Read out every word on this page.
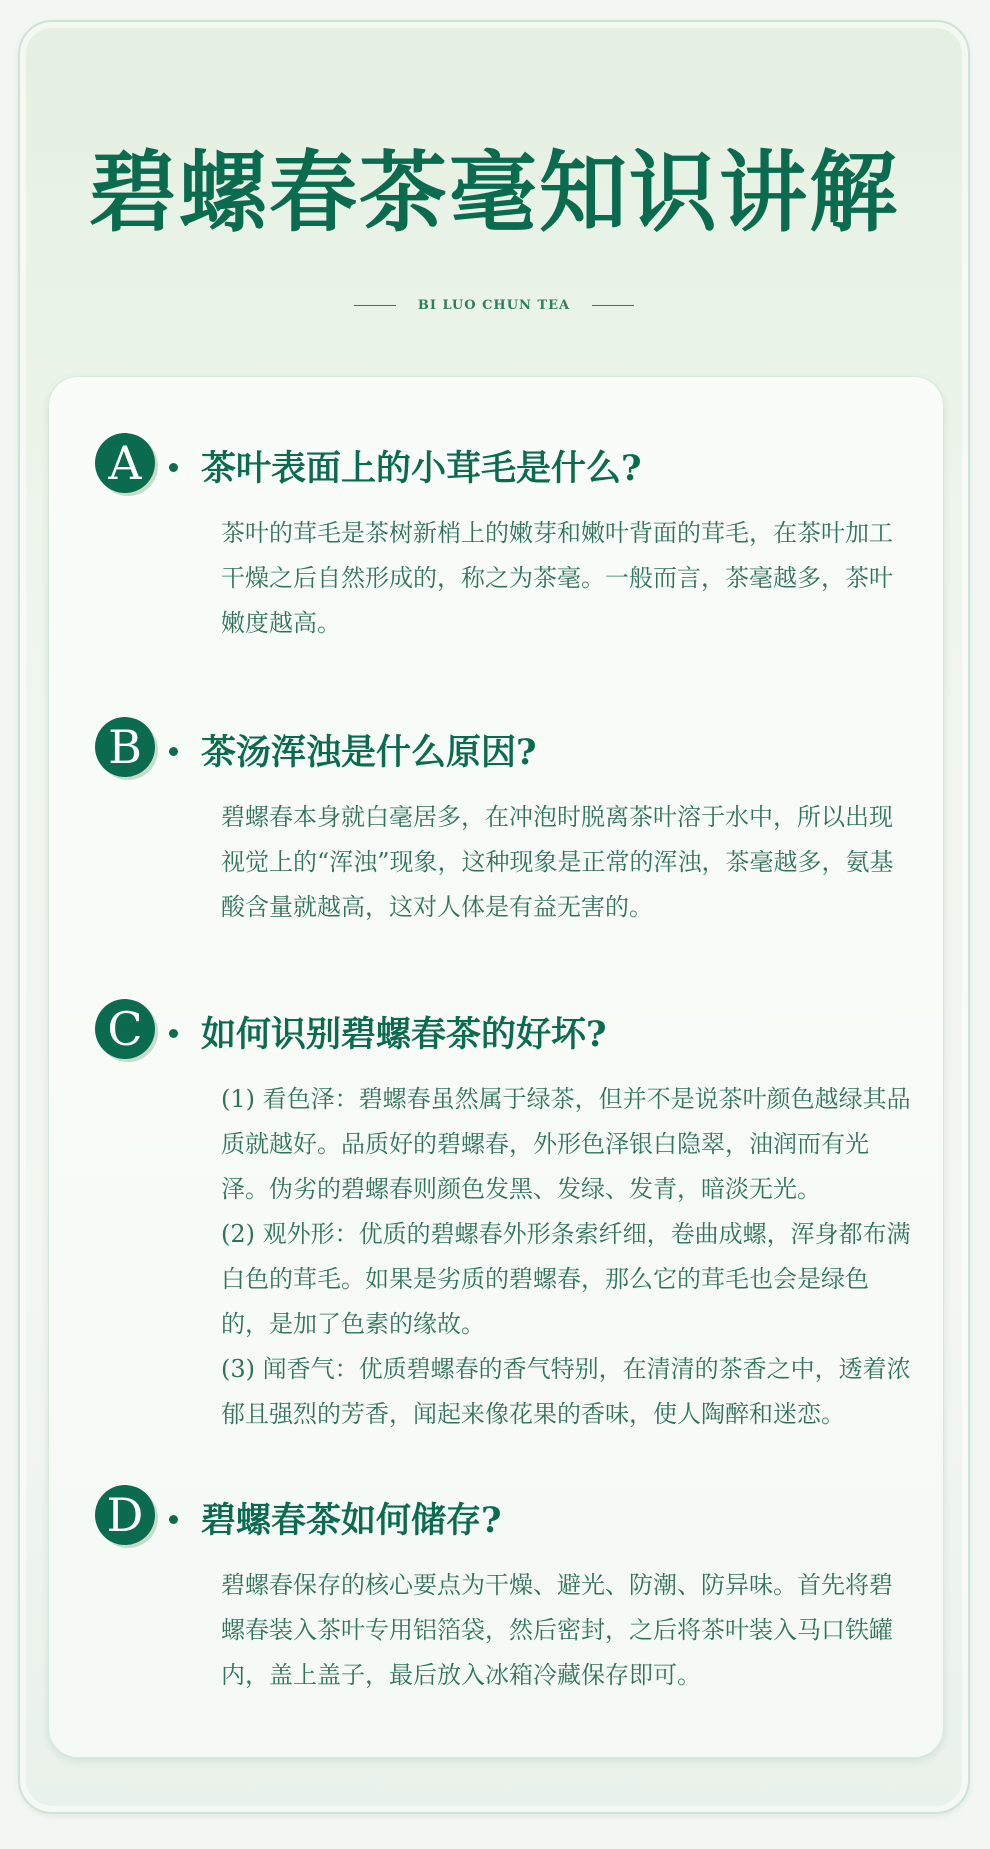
碧螺春茶毫知识讲解
BI LUO CHUN TEA
A	茶叶表面上的小茸毛是什么?

茶叶的茸毛是茶树新梢上的嫩芽和嫩叶背面的茸毛，在茶叶加工干燥之后自然形成的，称之为茶毫。一般而言，茶毫越多，茶叶嫩度越高。

B	茶汤浑浊是什么原因?

碧螺春本身就白毫居多，在冲泡时脱离茶叶溶于水中，所以出现视觉上的“浑浊”现象，这种现象是正常的浑浊，茶毫越多，氨基酸含量就越高，这对人体是有益无害的。

C	如何识别碧螺春茶的好坏?

(1) 看色泽：碧螺春虽然属于绿茶，但并不是说茶叶颜色越绿其品质就越好。品质好的碧螺春，外形色泽银白隐翠，油润而有光泽。伪劣的碧螺春则颜色发黑、发绿、发青，暗淡无光。

(2) 观外形：优质的碧螺春外形条索纤细，卷曲成螺，浑身都布满白色的茸毛。如果是劣质的碧螺春，那么它的茸毛也会是绿色的，是加了色素的缘故。

(3) 闻香气：优质碧螺春的香气特别，在清清的茶香之中，透着浓郁且强烈的芳香，闻起来像花果的香味，使人陶醉和迷恋。

D	碧螺春茶如何储存?

碧螺春保存的核心要点为干燥、避光、防潮、防异味。首先将碧螺春装入茶叶专用铝箔袋，然后密封，之后将茶叶装入马口铁罐内，盖上盖子，最后放入冰箱冷藏保存即可。
